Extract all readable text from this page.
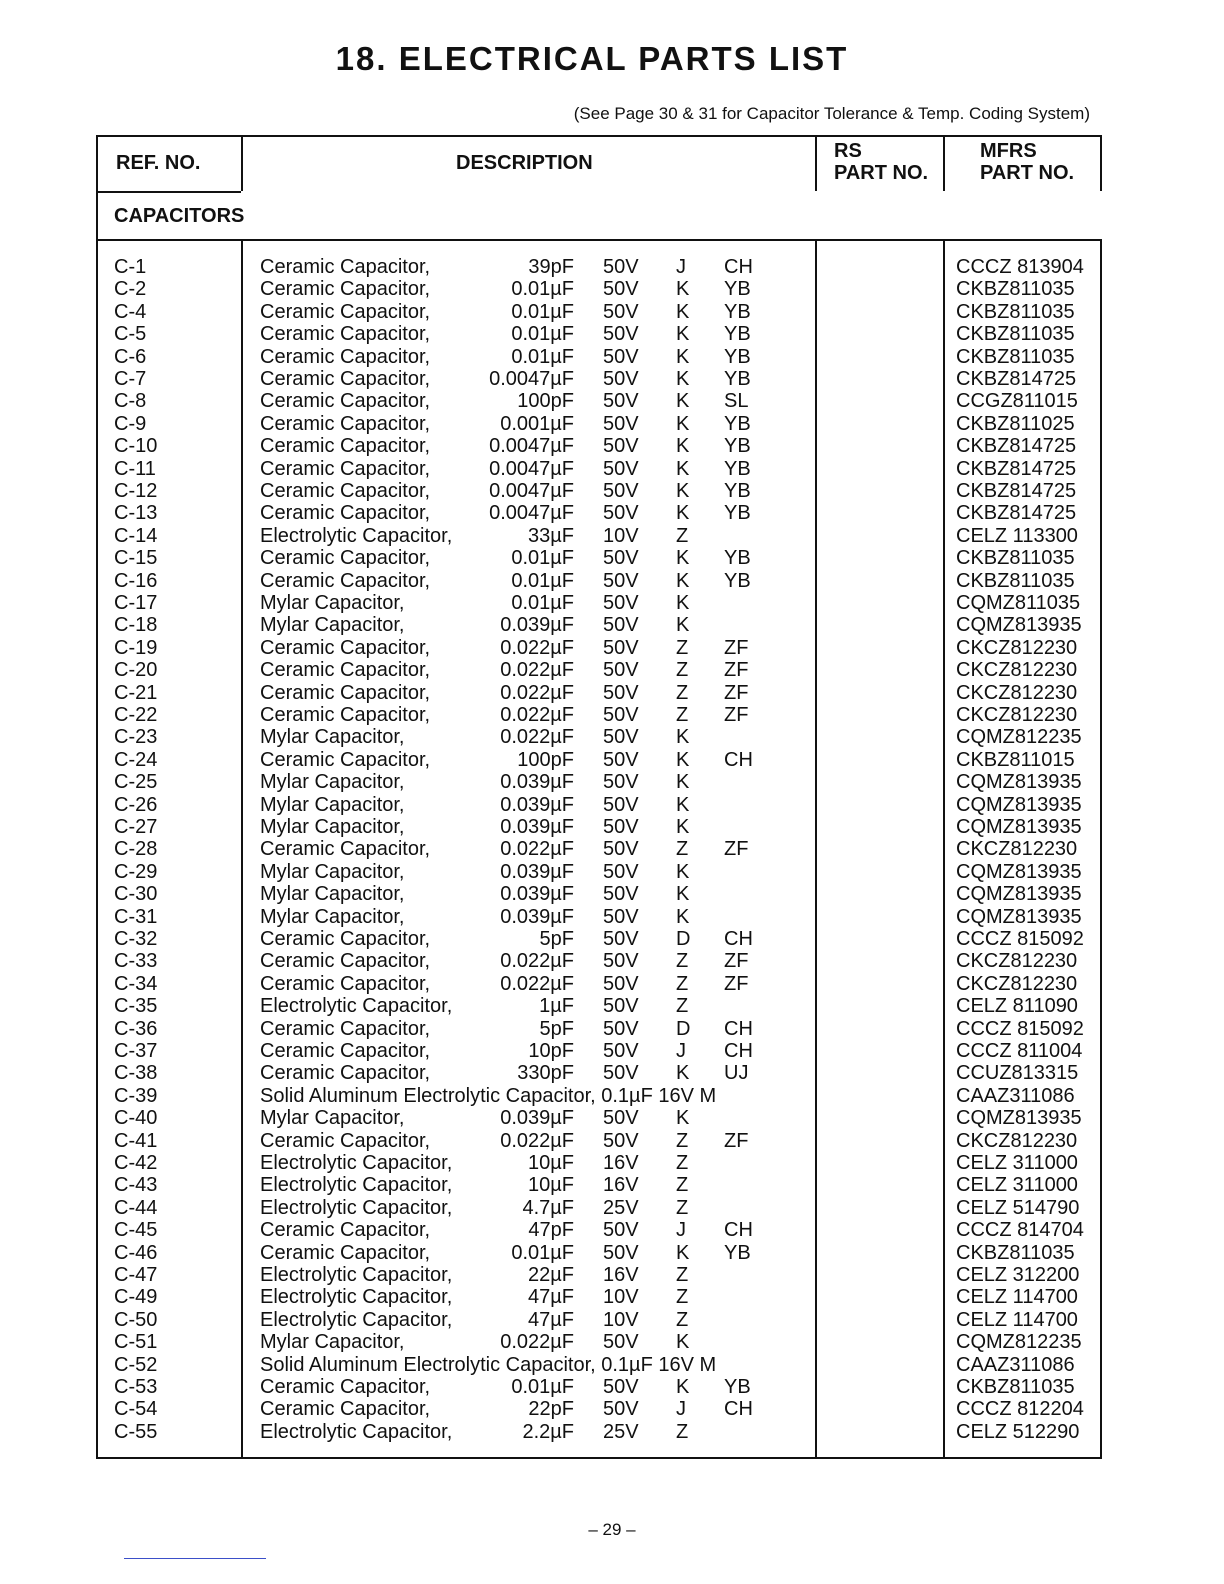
18. ELECTRICAL PARTS LIST
(See Page 30 & 31 for Capacitor Tolerance & Temp. Coding System)
REF. NO.	DESCRIPTION
RS
PART NO.
MFRS
PART NO.
CAPACITORS
C-1	Ceramic Capacitor,	39pF 50V J CH	CCCZ 813904
C-2	Ceramic Capacitor,	0.01µF 50V K YB	CKBZ811035
C-4	Ceramic Capacitor,	0.01µF 50V K YB	CKBZ811035
C-5	Ceramic Capacitor,	0.01µF 50V K YB	CKBZ811035
C-6	Ceramic Capacitor,	0.01µF 50V K YB	CKBZ811035
C-7	Ceramic Capacitor,	0.0047µF 50V K YB	CKBZ814725
C-8	Ceramic Capacitor,	100pF 50V K SL	CCGZ811015
C-9	Ceramic Capacitor,	0.001µF 50V K YB	CKBZ811025
C-10	Ceramic Capacitor,	0.0047µF 50V K YB	CKBZ814725
C-11	Ceramic Capacitor,	0.0047µF 50V K YB	CKBZ814725
C-12	Ceramic Capacitor,	0.0047µF 50V K YB	CKBZ814725
C-13	Ceramic Capacitor,	0.0047µF 50V K YB	CKBZ814725
C-14	Electrolytic Capacitor,	33µF 10V Z	CELZ 113300
C-15	Ceramic Capacitor,	0.01µF 50V K YB	CKBZ811035
C-16	Ceramic Capacitor,	0.01µF 50V K YB	CKBZ811035
C-17	Mylar Capacitor,	0.01µF 50V K	CQMZ811035
C-18	Mylar Capacitor,	0.039µF 50V K	CQMZ813935
C-19	Ceramic Capacitor,	0.022µF 50V Z ZF	CKCZ812230
C-20	Ceramic Capacitor,	0.022µF 50V Z ZF	CKCZ812230
C-21	Ceramic Capacitor,	0.022µF 50V Z ZF	CKCZ812230
C-22	Ceramic Capacitor,	0.022µF 50V Z ZF	CKCZ812230
C-23	Mylar Capacitor,	0.022µF 50V K	CQMZ812235
C-24	Ceramic Capacitor,	100pF 50V K CH	CKBZ811015
C-25	Mylar Capacitor,	0.039µF 50V K	CQMZ813935
C-26	Mylar Capacitor,	0.039µF 50V K	CQMZ813935
C-27	Mylar Capacitor,	0.039µF 50V K	CQMZ813935
C-28	Ceramic Capacitor,	0.022µF 50V Z ZF	CKCZ812230
C-29	Mylar Capacitor,	0.039µF 50V K	CQMZ813935
C-30	Mylar Capacitor,	0.039µF 50V K	CQMZ813935
C-31	Mylar Capacitor,	0.039µF 50V K	CQMZ813935
C-32	Ceramic Capacitor,	5pF 50V D CH	CCCZ 815092
C-33	Ceramic Capacitor,	0.022µF 50V Z ZF	CKCZ812230
C-34	Ceramic Capacitor,	0.022µF 50V Z ZF	CKCZ812230
C-35	Electrolytic Capacitor,	1µF 50V Z	CELZ 811090
C-36	Ceramic Capacitor,	5pF 50V D CH	CCCZ 815092
C-37	Ceramic Capacitor,	10pF 50V J CH	CCCZ 811004
C-38	Ceramic Capacitor,	330pF 50V K UJ	CCUZ813315
C-39	Solid Aluminum Electrolytic Capacitor, 0.1µF 16V M	CAAZ311086
C-40	Mylar Capacitor,	0.039µF 50V K	CQMZ813935
C-41	Ceramic Capacitor,	0.022µF 50V Z ZF	CKCZ812230
C-42	Electrolytic Capacitor,	10µF 16V Z	CELZ 311000
C-43	Electrolytic Capacitor,	10µF 16V Z	CELZ 311000
C-44	Electrolytic Capacitor,	4.7µF 25V Z	CELZ 514790
C-45	Ceramic Capacitor,	47pF 50V J CH	CCCZ 814704
C-46	Ceramic Capacitor,	0.01µF 50V K YB	CKBZ811035
C-47	Electrolytic Capacitor,	22µF 16V Z	CELZ 312200
C-49	Electrolytic Capacitor,	47µF 10V Z	CELZ 114700
C-50	Electrolytic Capacitor,	47µF 10V Z	CELZ 114700
C-51	Mylar Capacitor,	0.022µF 50V K	CQMZ812235
C-52	Solid Aluminum Electrolytic Capacitor, 0.1µF 16V M	CAAZ311086
C-53	Ceramic Capacitor,	0.01µF 50V K YB	CKBZ811035
C-54	Ceramic Capacitor,	22pF 50V J CH	CCCZ 812204
C-55	Electrolytic Capacitor,	2.2µF 25V Z	CELZ 512290
– 29 –
